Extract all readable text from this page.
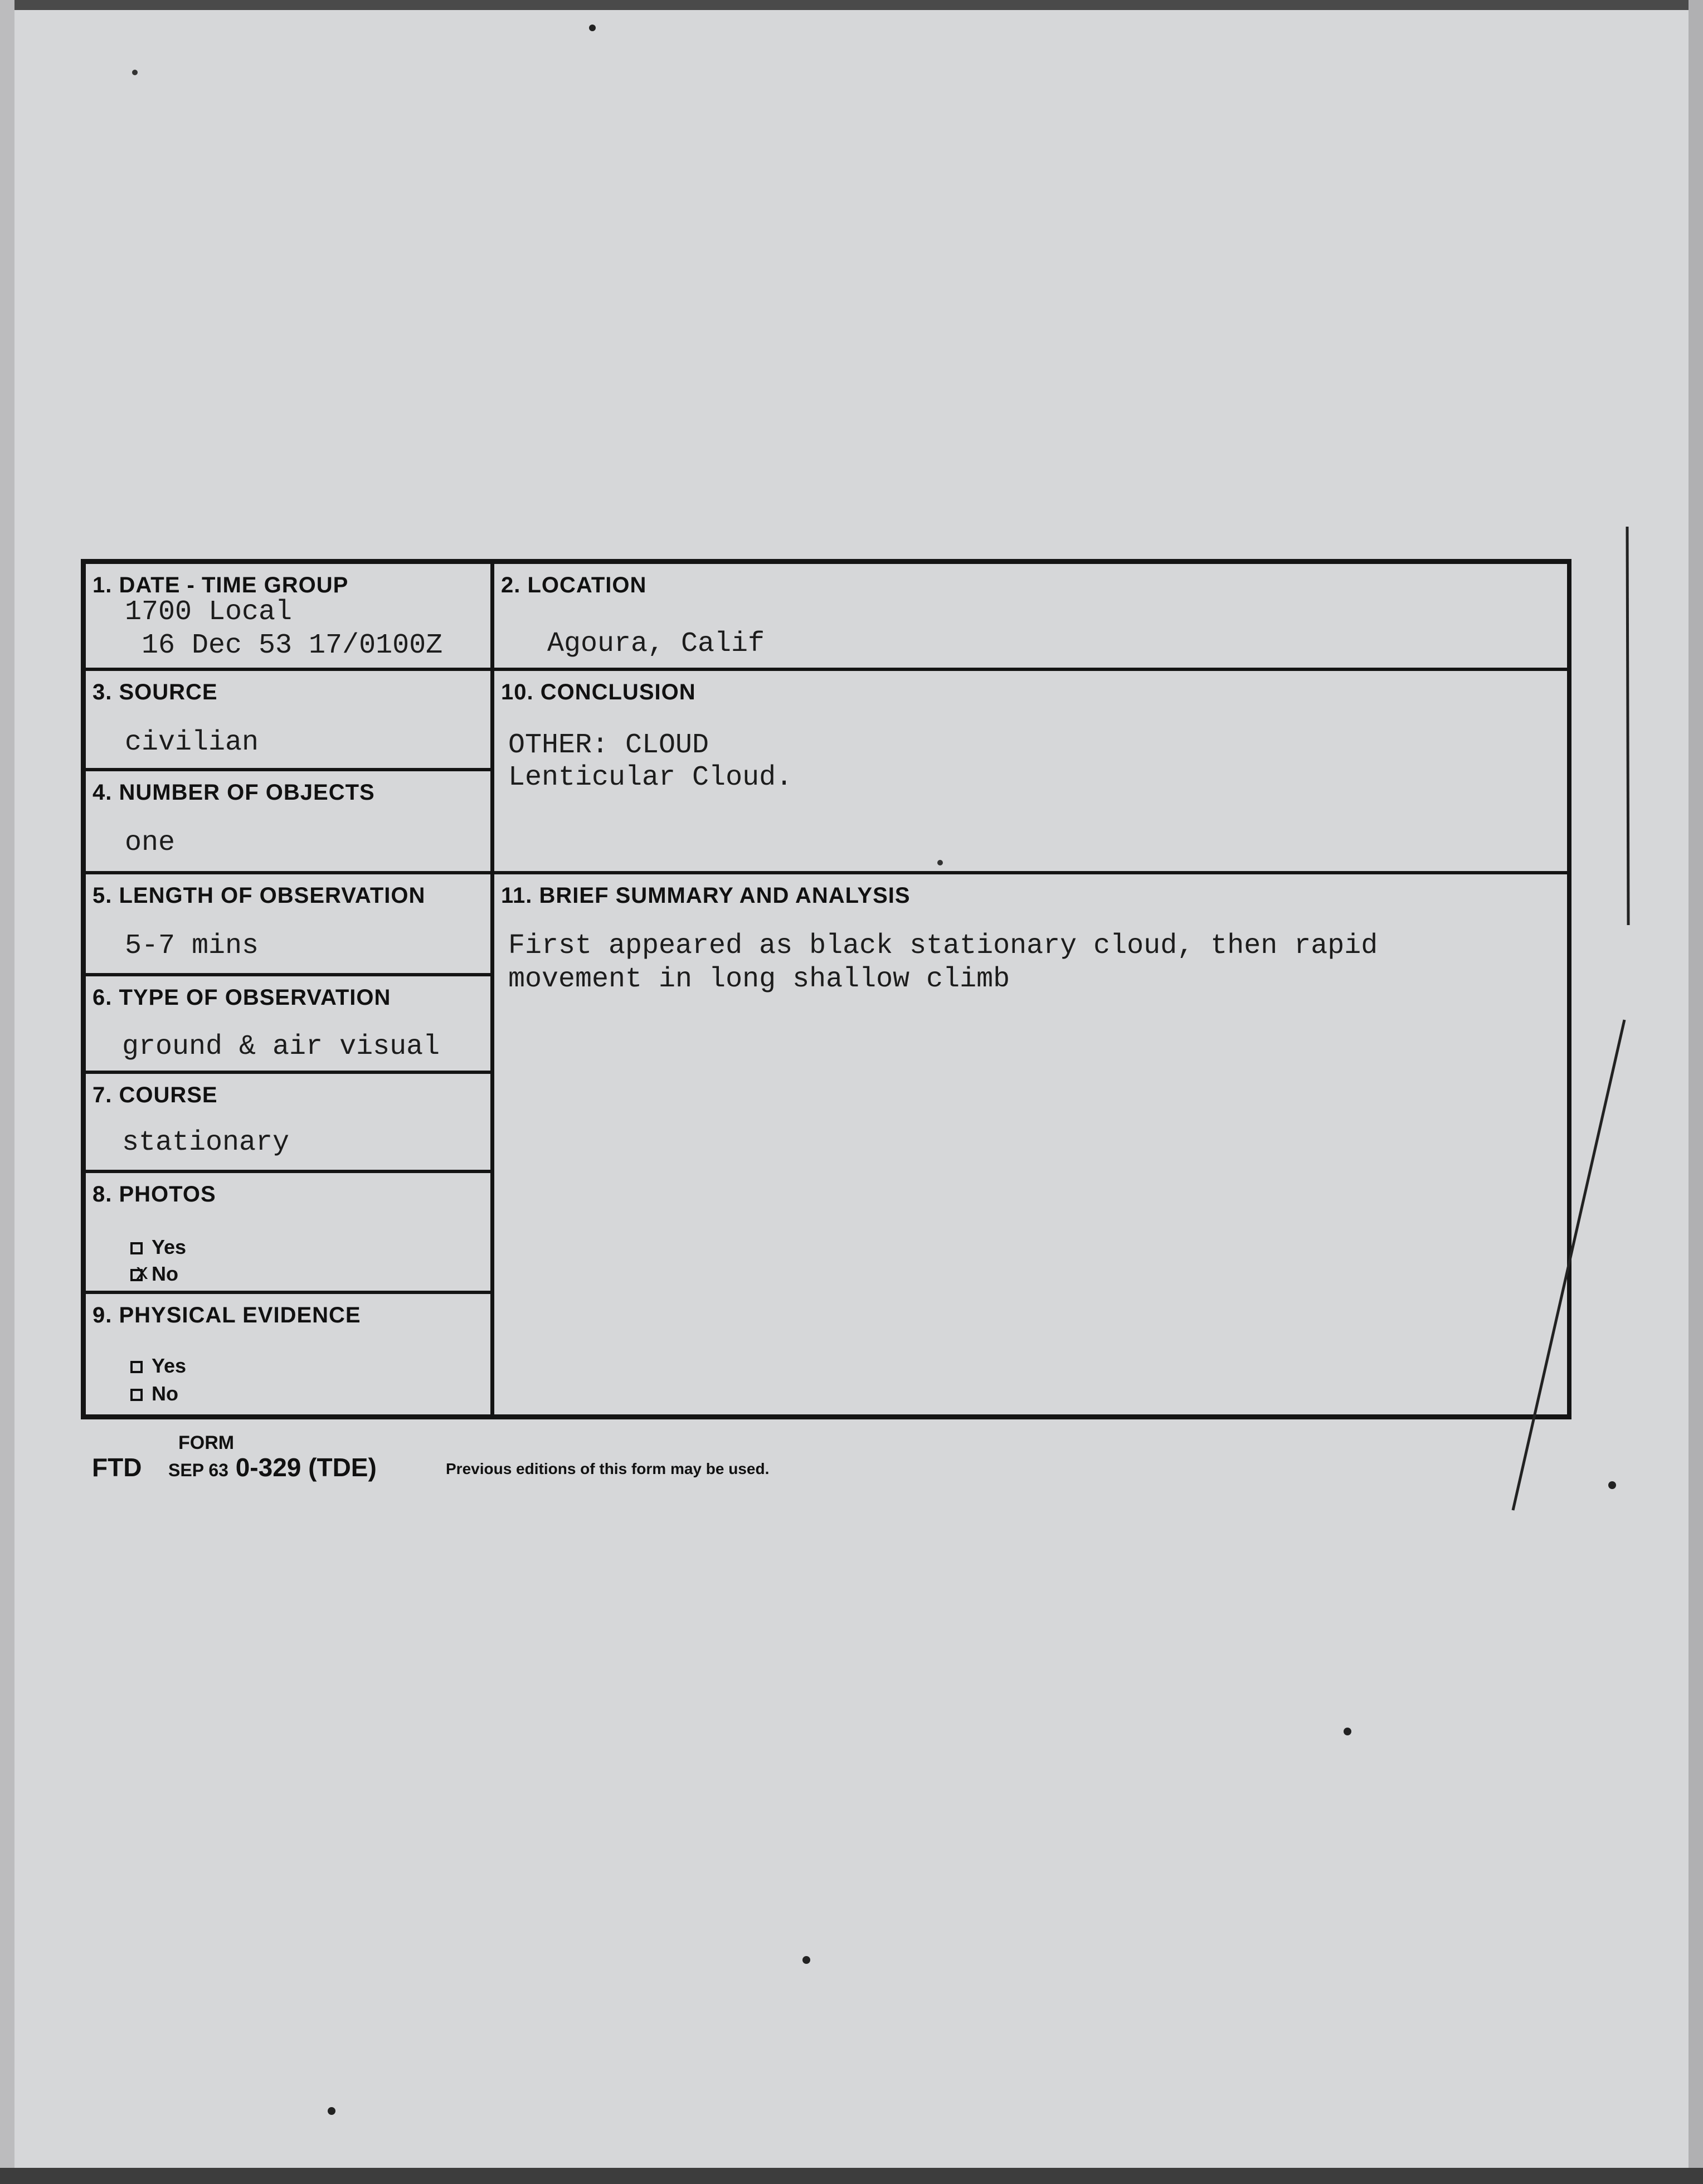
1. DATE - TIME GROUP
1700 Local
16 Dec 53 17/0100Z
2. LOCATION
Agoura, Calif
3. SOURCE
civilian
10. CONCLUSION
OTHER: CLOUD
Lenticular Cloud.
4. NUMBER OF OBJECTS
one
11. BRIEF SUMMARY AND ANALYSIS
First appeared as black stationary cloud, then rapid
movement in long shallow climb
5. LENGTH OF OBSERVATION
5-7 mins
6. TYPE OF OBSERVATION
ground & air visual
7. COURSE
stationary
8. PHOTOS
Yes
xNo
9. PHYSICAL EVIDENCE
Yes
No
FORM
FTD SEP 63 0-329 (TDE)	Previous editions of this form may be used.
